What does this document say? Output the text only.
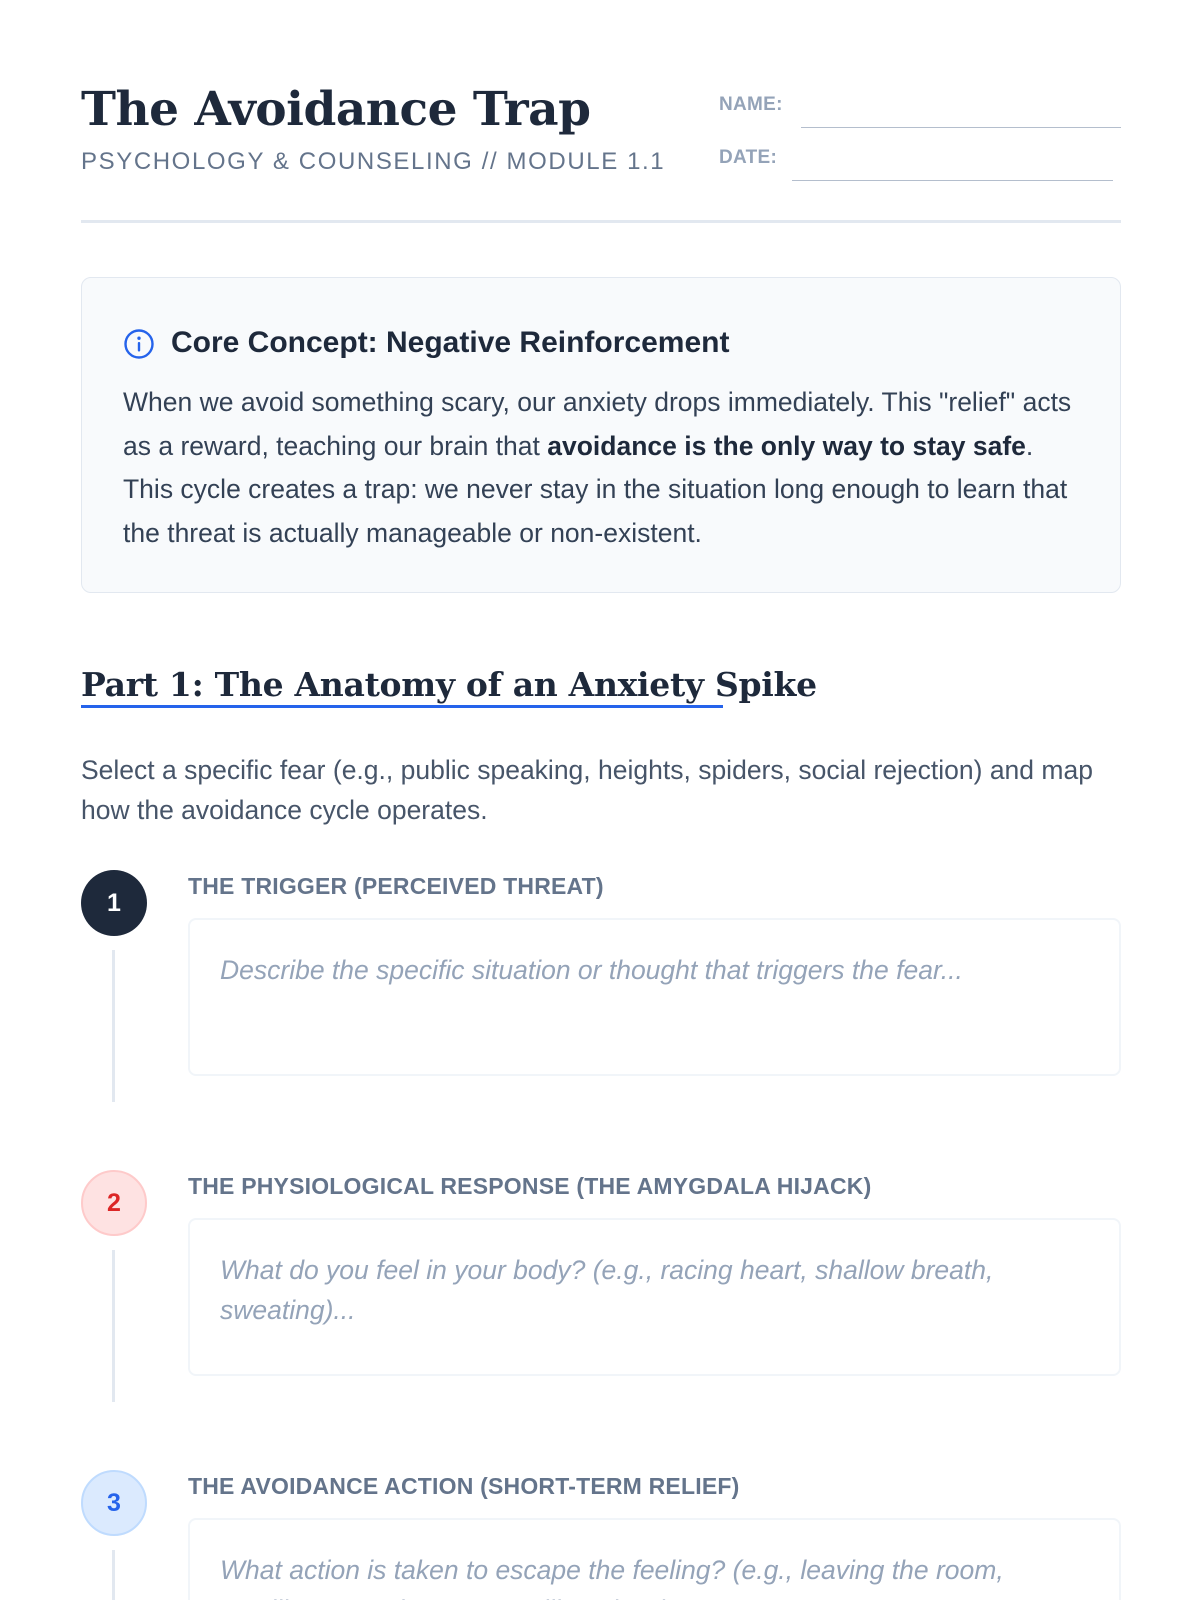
The Avoidance Trap
PSYCHOLOGY & COUNSELING // MODULE 1.1
NAME:
DATE:
Core Concept: Negative Reinforcement

When we avoid something scary, our anxiety drops immediately. This "relief" acts as a reward, teaching our brain that avoidance is the only way to stay safe. This cycle creates a trap: we never stay in the situation long enough to learn that the threat is actually manageable or non-existent.

Part 1: The Anatomy of an Anxiety Spike

Select a specific fear (e.g., public speaking, heights, spiders, social rejection) and map how the avoidance cycle operates.

1
THE TRIGGER (PERCEIVED THREAT)
Describe the specific situation or thought that triggers the fear...
2
THE PHYSIOLOGICAL RESPONSE (THE AMYGDALA HIJACK)
What do you feel in your body? (e.g., racing heart, shallow breath, sweating)...
3
THE AVOIDANCE ACTION (SHORT-TERM RELIEF)
What action is taken to escape the feeling? (e.g., leaving the room, scrolling on a phone, cancelling plans)...
